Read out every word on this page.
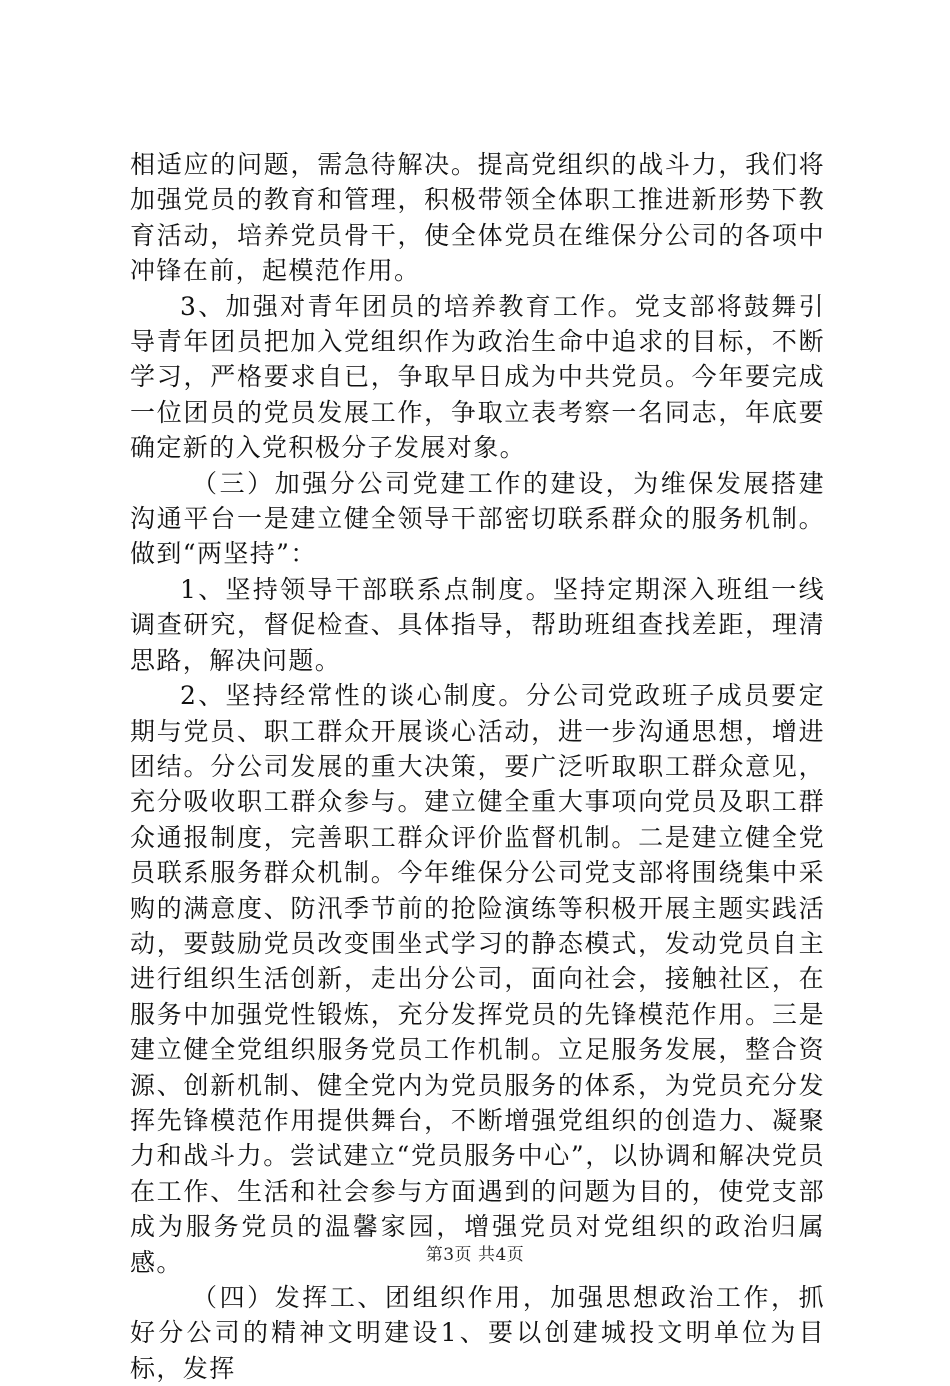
相适应的问题，需急待解决。提高党组织的战斗力，我们将加强党员的教育和管理，积极带领全体职工推进新形势下教育活动，培养党员骨干，使全体党员在维保分公司的各项中冲锋在前，起模范作用。

3、加强对青年团员的培养教育工作。党支部将鼓舞引导青年团员把加入党组织作为政治生命中追求的目标，不断学习，严格要求自已，争取早日成为中共党员。今年要完成一位团员的党员发展工作，争取立表考察一名同志，年底要确定新的入党积极分子发展对象。

（三）加强分公司党建工作的建设，为维保发展搭建沟通平台一是建立健全领导干部密切联系群众的服务机制。做到“两坚持”：

1、坚持领导干部联系点制度。坚持定期深入班组一线调查研究，督促检查、具体指导，帮助班组查找差距，理清思路，解决问题。

2、坚持经常性的谈心制度。分公司党政班子成员要定期与党员、职工群众开展谈心活动，进一步沟通思想，增进团结。分公司发展的重大决策，要广泛听取职工群众意见，充分吸收职工群众参与。建立健全重大事项向党员及职工群众通报制度，完善职工群众评价监督机制。二是建立健全党员联系服务群众机制。今年维保分公司党支部将围绕集中采购的满意度、防汛季节前的抢险演练等积极开展主题实践活动，要鼓励党员改变围坐式学习的静态模式，发动党员自主进行组织生活创新，走出分公司，面向社会，接触社区，在服务中加强党性锻炼，充分发挥党员的先锋模范作用。三是建立健全党组织服务党员工作机制。立足服务发展，整合资源、创新机制、健全党内为党员服务的体系，为党员充分发挥先锋模范作用提供舞台，不断增强党组织的创造力、凝聚力和战斗力。尝试建立“党员服务中心”，以协调和解决党员在工作、生活和社会参与方面遇到的问题为目的，使党支部成为服务党员的温馨家园，增强党员对党组织的政治归属感。

（四）发挥工、团组织作用，加强思想政治工作，抓好分公司的精神文明建设1、要以创建城投文明单位为目标，发挥

第3页 共4页
